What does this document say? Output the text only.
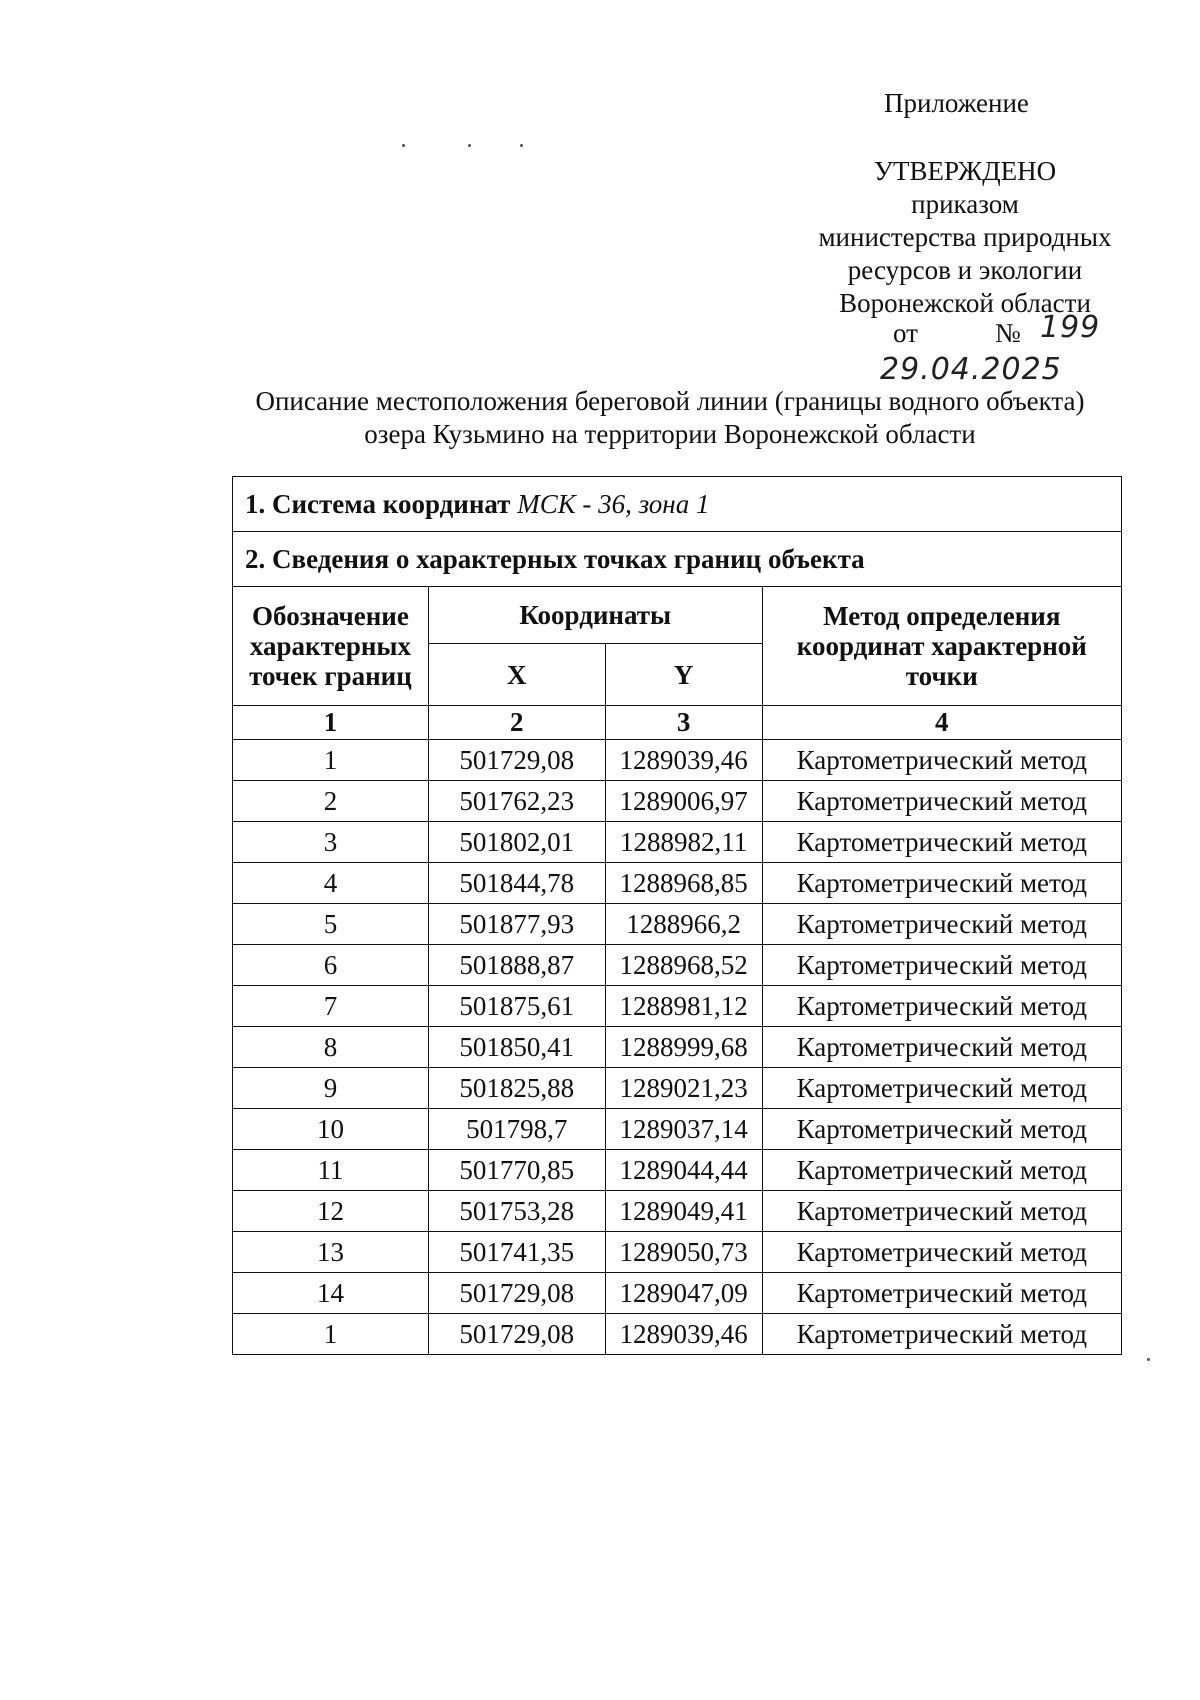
Приложение
УТВЕРЖДЕНО
приказом
министерства природных
ресурсов и экологии
Воронежской области
от	№ 199
29.04.2025
Описание местоположения береговой линии (границы водного объекта)
озера Кузьмино на территории Воронежской области
1. Система координат МСК - 36, зона 1			
2. Сведения о характерных точках границ объекта			
Обозначение характерных точек границ	Координаты		Метод определения координат характерной точки
	X	Y	
1	2	3	4
1	501729,08	1289039,46	Картометрический метод
2	501762,23	1289006,97	Картометрический метод
3	501802,01	1288982,11	Картометрический метод
4	501844,78	1288968,85	Картометрический метод
5	501877,93	1288966,2	Картометрический метод
6	501888,87	1288968,52	Картометрический метод
7	501875,61	1288981,12	Картометрический метод
8	501850,41	1288999,68	Картометрический метод
9	501825,88	1289021,23	Картометрический метод
10	501798,7	1289037,14	Картометрический метод
11	501770,85	1289044,44	Картометрический метод
12	501753,28	1289049,41	Картометрический метод
13	501741,35	1289050,73	Картометрический метод
14	501729,08	1289047,09	Картометрический метод
1	501729,08	1289039,46	Картометрический метод
